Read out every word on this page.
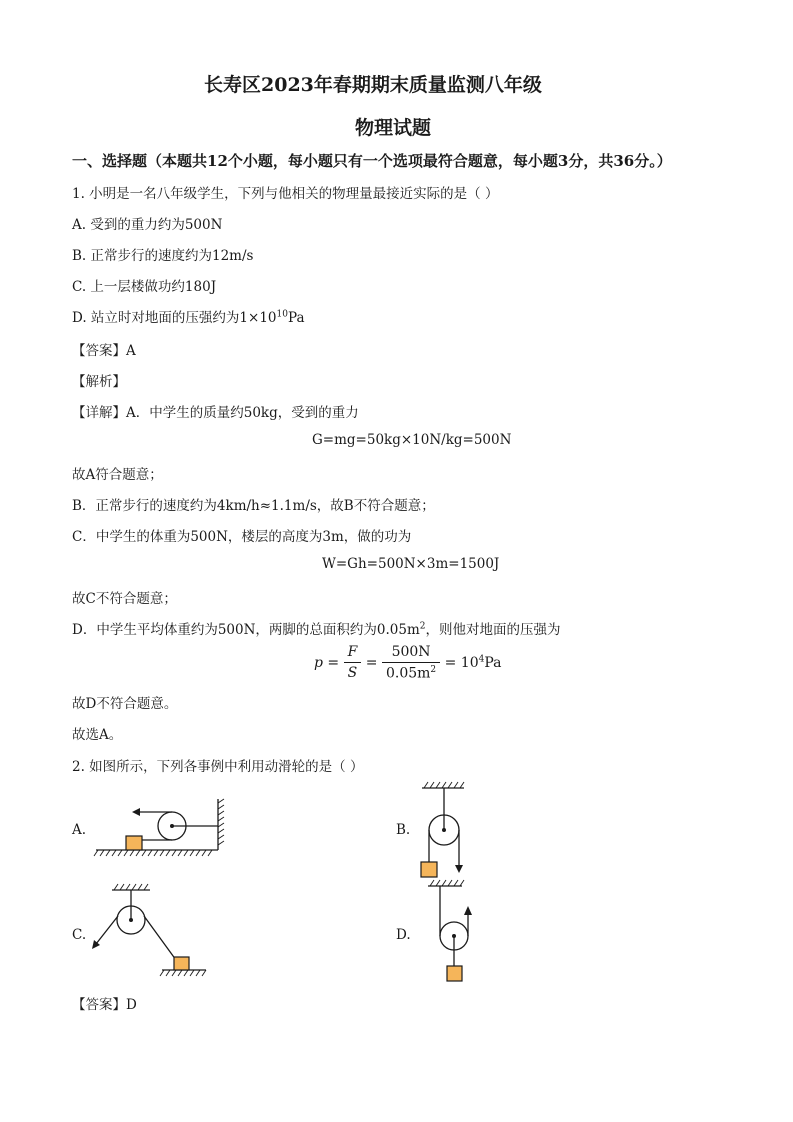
长寿区2023年春期期末质量监测八年级
物理试题
一、选择题（本题共12个小题，每小题只有一个选项最符合题意，每小题3分，共36分。）
1. 小明是一名八年级学生，下列与他相关的物理量最接近实际的是（ ）
A. 受到的重力约为500N
B. 正常步行的速度约为12m/s
C. 上一层楼做功约180J
D. 站立时对地面的压强约为$1\times 10^{10}Pa$
【答案】A
【解析】
【详解】A．中学生的质量约50kg，受到的重力
G=mg=50kg×10N/kg=500N
故A符合题意；
B．正常步行的速度约为4km/h≈1.1m/s，故B不符合题意；
C．中学生的体重为500N，楼层的高度为3m，做的功为
W=Gh=500N×3m=1500J
故C不符合题意；
D．中学生平均体重约为500N，两脚的总面积约为$0.05m^2$，则他对地面的压强为
$p = \frac{F}{S} = \frac{500N}{0.05m^2} = 10^4Pa$
故D不符合题意。
故选A。
2. 如图所示，下列各事例中利用动滑轮的是（ ）
A.	B.
C.	D.
【答案】D
